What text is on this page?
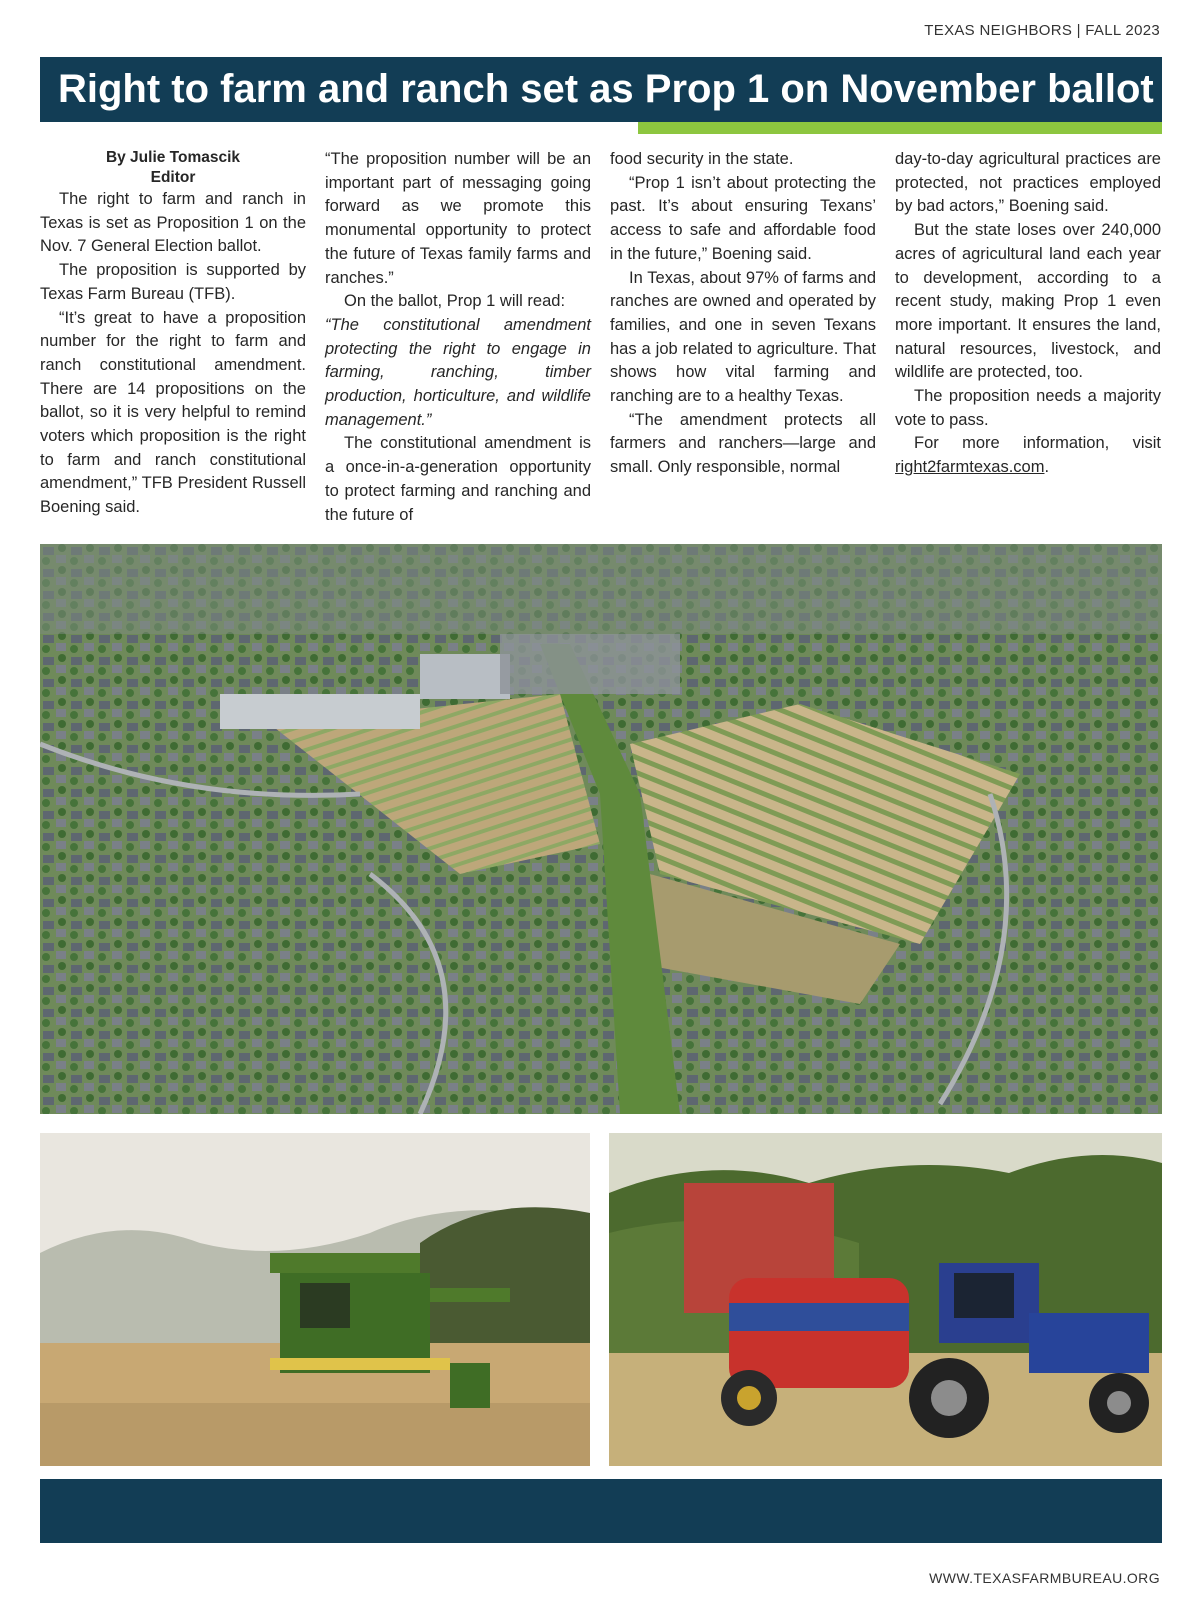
TEXAS NEIGHBORS | FALL 2023
Right to farm and ranch set as Prop 1 on November ballot
By Julie Tomascik
Editor

The right to farm and ranch in Texas is set as Proposition 1 on the Nov. 7 General Election ballot.

The proposition is supported by Texas Farm Bureau (TFB).

“It’s great to have a proposition number for the right to farm and ranch constitutional amendment. There are 14 propositions on the ballot, so it is very helpful to remind voters which proposition is the right to farm and ranch constitutional amendment,” TFB President Russell Boening said.

“The proposition number will be an important part of messaging going forward as we promote this monumental opportunity to protect the future of Texas family farms and ranches.”

On the ballot, Prop 1 will read:

“The constitutional amendment protecting the right to engage in farming, ranching, timber production, horticulture, and wildlife management.”

The constitutional amendment is a once-in-a-generation opportunity to protect farming and ranching and the future of

food security in the state.

“Prop 1 isn’t about protecting the past. It’s about ensuring Texans’ access to safe and affordable food in the future,” Boening said.

In Texas, about 97% of farms and ranches are owned and operated by families, and one in seven Texans has a job related to agriculture. That shows how vital farming and ranching are to a healthy Texas.

“The amendment protects all farmers and ranchers—large and small. Only responsible, normal

day-to-day agricultural practices are protected, not practices employed by bad actors,” Boening said.

But the state loses over 240,000 acres of agricultural land each year to development, according to a recent study, making Prop 1 even more important. It ensures the land, natural resources, livestock, and wildlife are protected, too.

The proposition needs a majority vote to pass.

For more information, visit right2farmtexas.com.

WWW.TEXASFARMBUREAU.ORG
